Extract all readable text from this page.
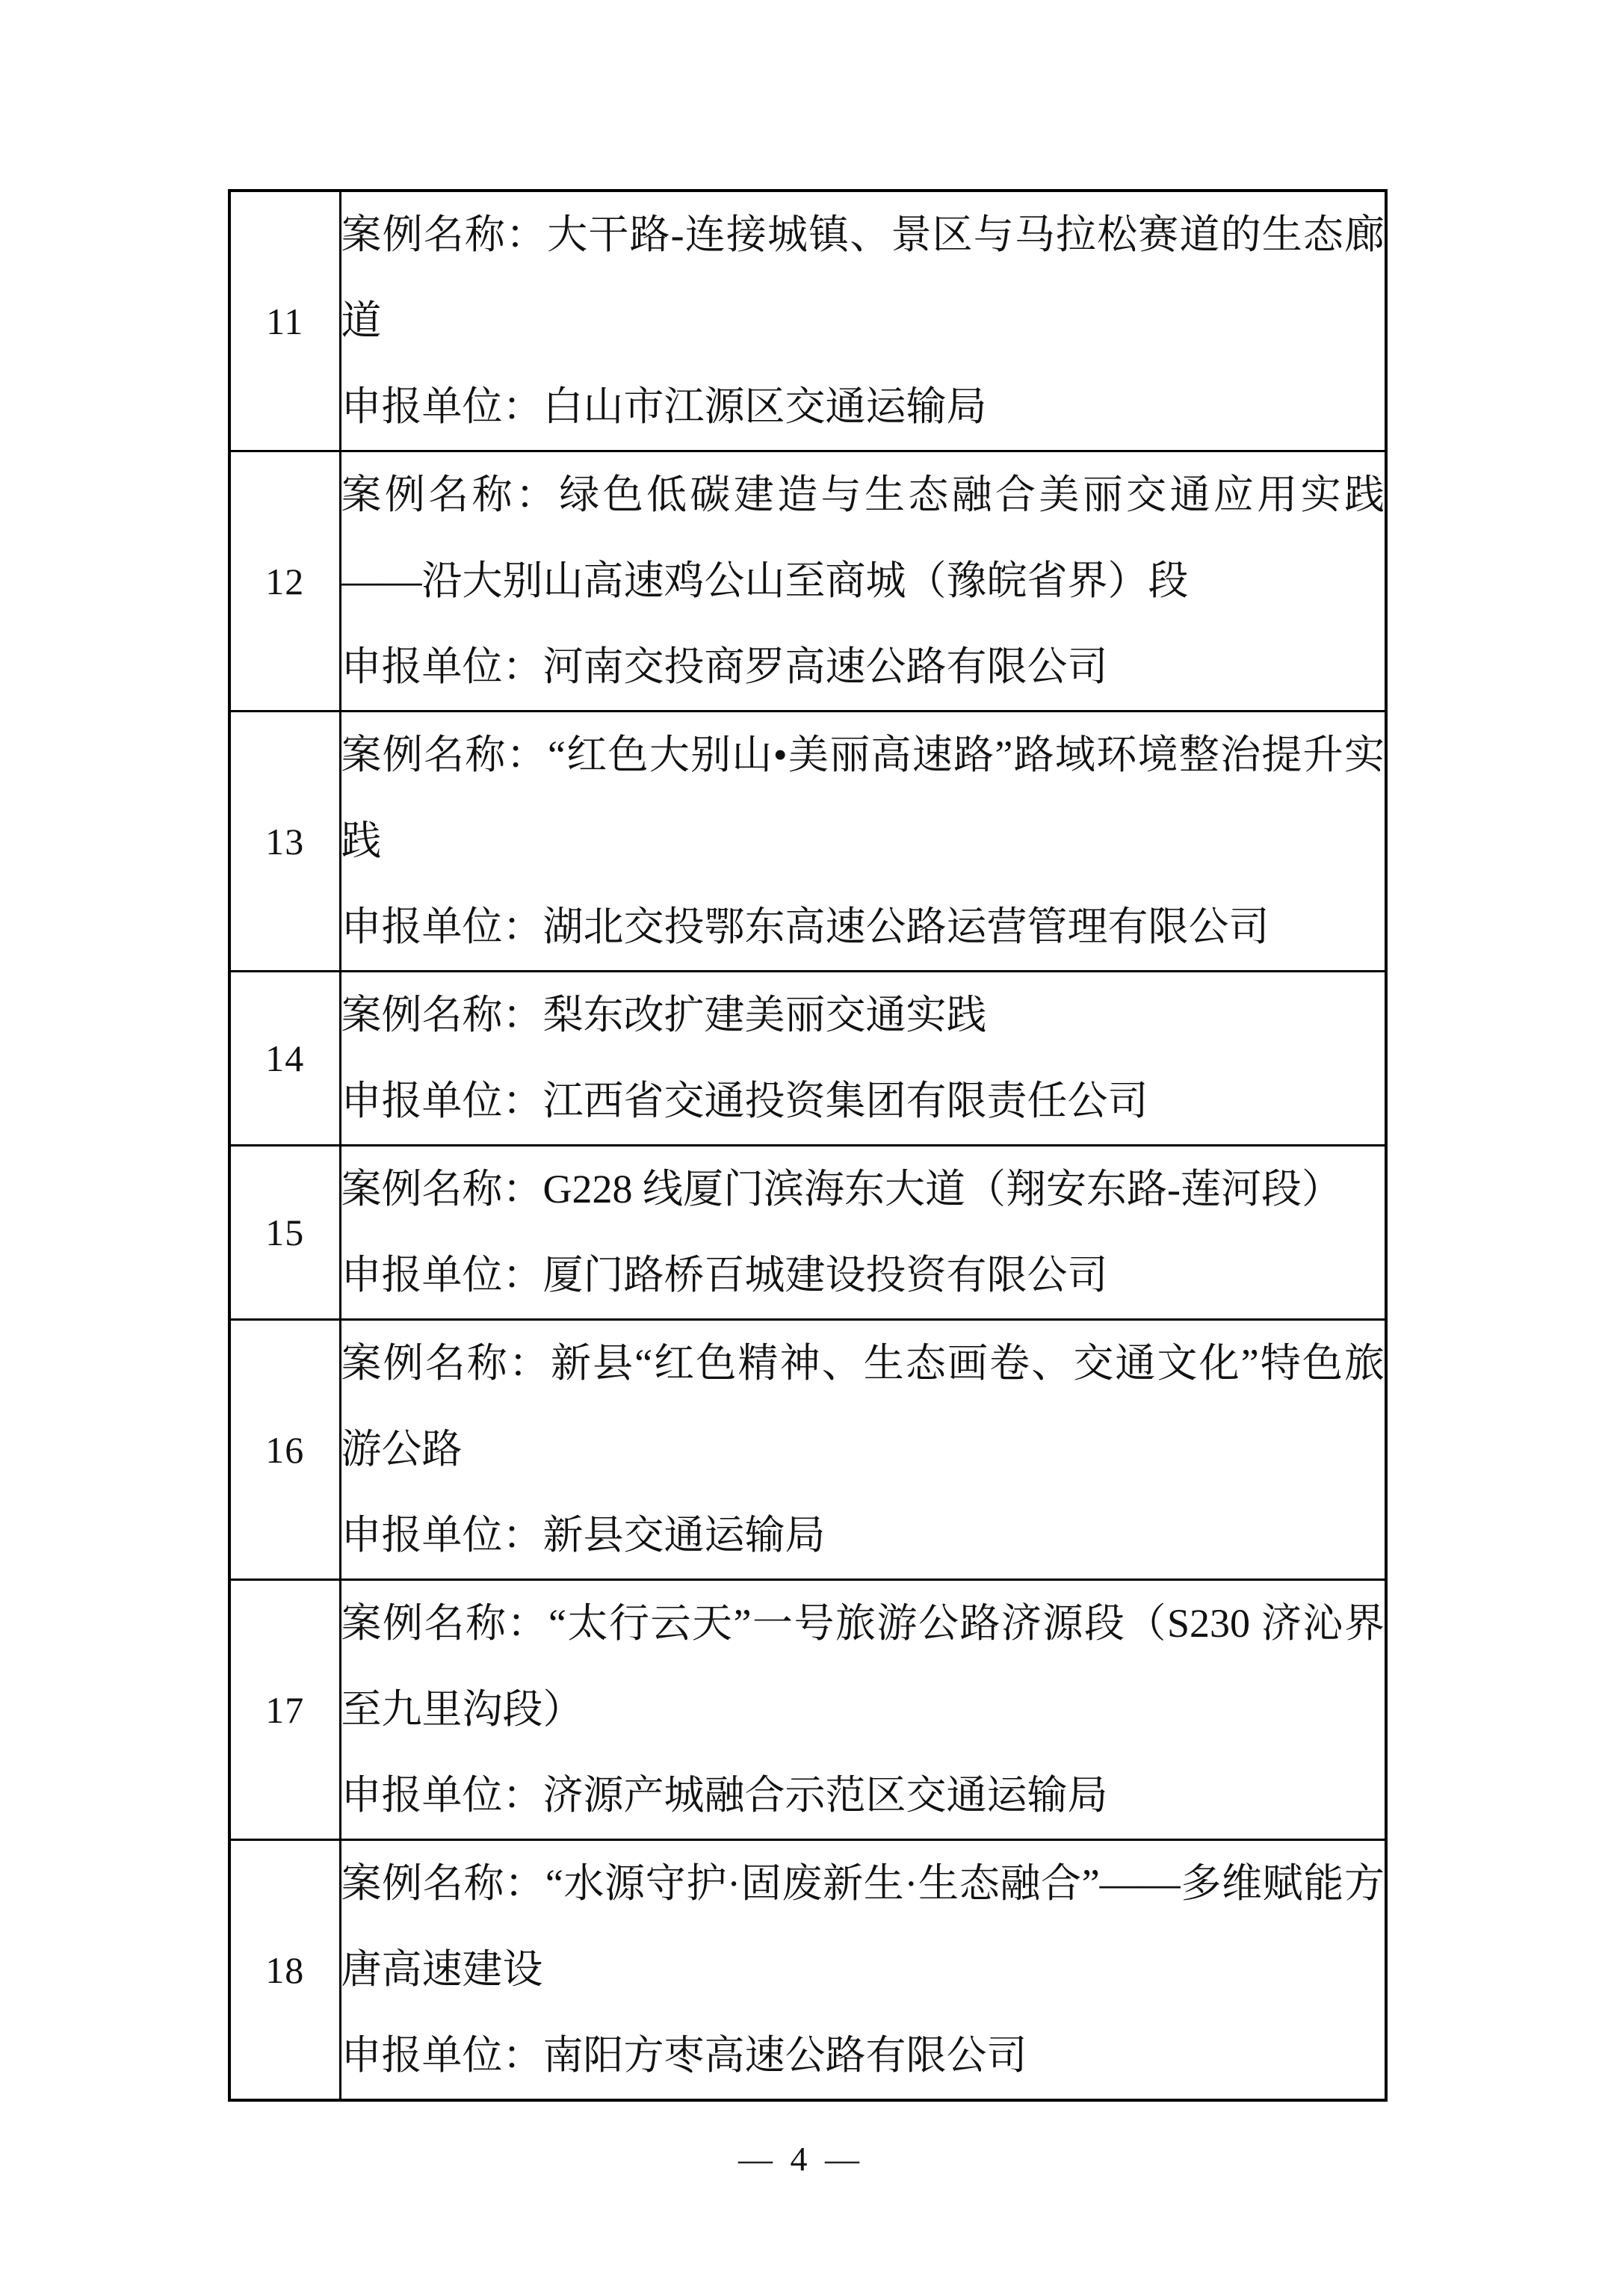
11	案例名称：大干路-连接城镇、景区与马拉松赛道的生态廊道

申报单位：白山市江源区交通运输局

12	案例名称：绿色低碳建造与生态融合美丽交通应用实践——沿大别山高速鸡公山至商城（豫皖省界）段

申报单位：河南交投商罗高速公路有限公司

13	案例名称：“红色大别山•美丽高速路”路域环境整治提升实践

申报单位：湖北交投鄂东高速公路运营管理有限公司

14	案例名称：梨东改扩建美丽交通实践

申报单位：江西省交通投资集团有限责任公司

15	案例名称：G228 线厦门滨海东大道（翔安东路-莲河段）

申报单位：厦门路桥百城建设投资有限公司

16	案例名称：新县“红色精神、生态画卷、交通文化”特色旅游公路

申报单位：新县交通运输局

17	案例名称：“太行云天”一号旅游公路济源段（S230 济沁界至九里沟段）

申报单位：济源产城融合示范区交通运输局

18	案例名称：“水源守护·固废新生·生态融合”——多维赋能方唐高速建设

申报单位：南阳方枣高速公路有限公司

— 4 —
